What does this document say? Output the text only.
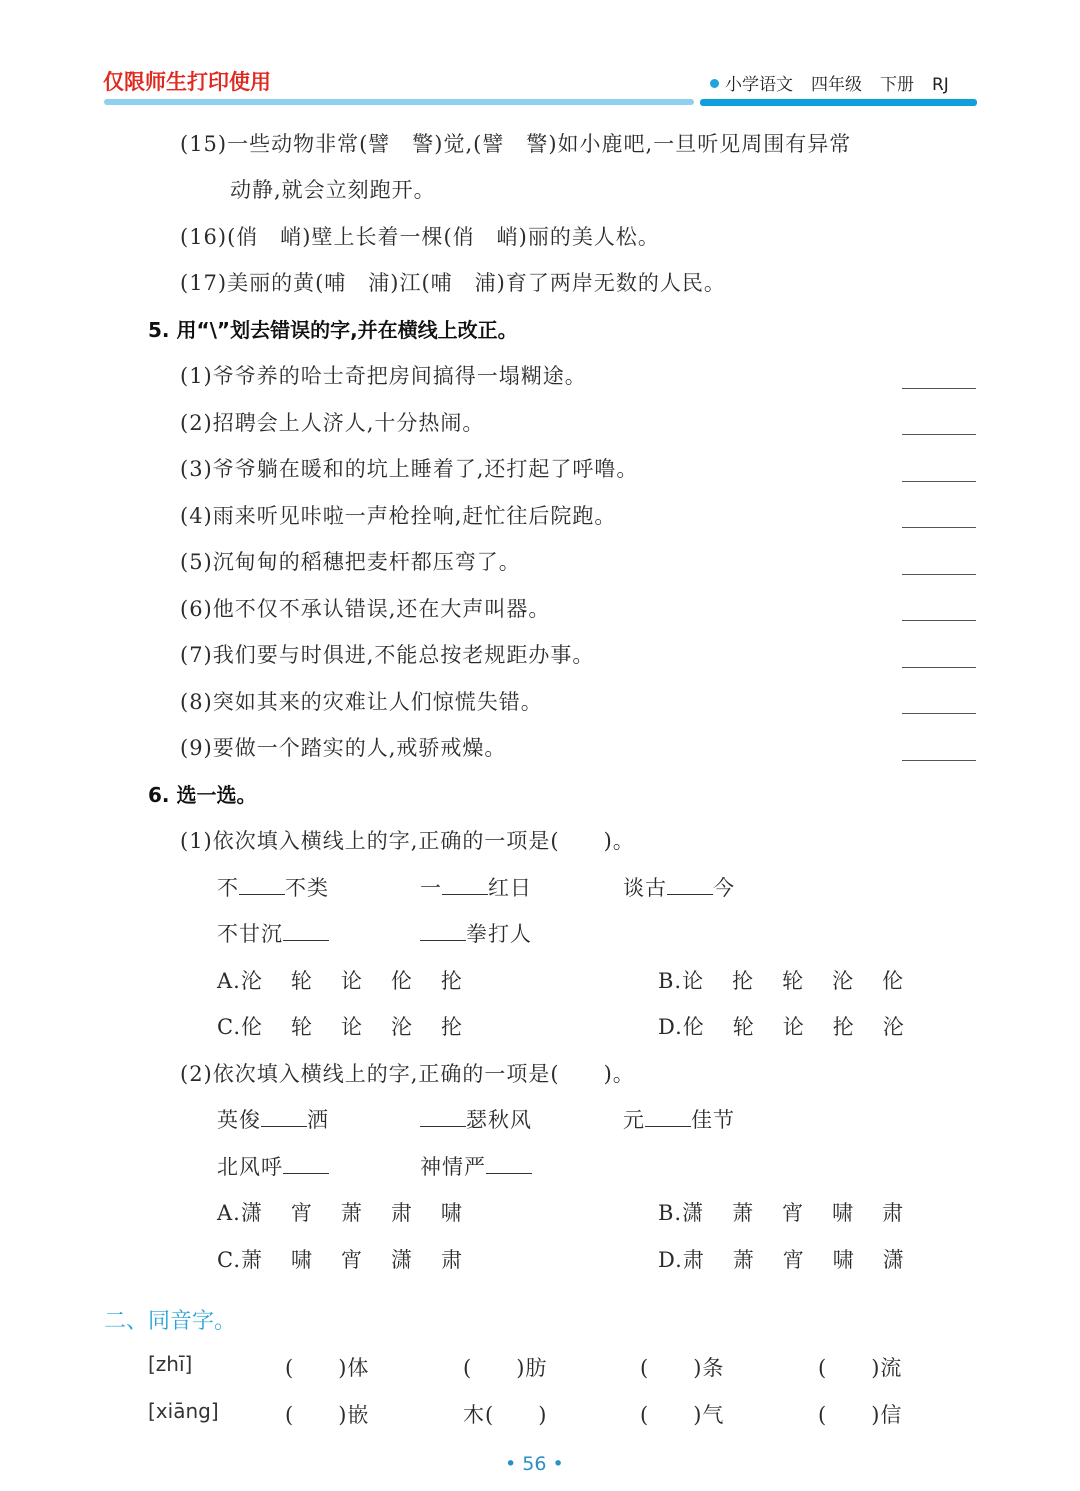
仅限师生打印使用	小学语文 四年级 下册 RJ
(15)一些动物非常(譬　警)觉,(譬　警)如小鹿吧,一旦听见周围有异常
动静,就会立刻跑开。
(16)(俏　峭)壁上长着一棵(俏　峭)丽的美人松。
(17)美丽的黄(哺　浦)江(哺　浦)育了两岸无数的人民。
5. 用“\”划去错误的字,并在横线上改正。
(1)爷爷养的哈士奇把房间搞得一塌糊途。
(2)招聘会上人济人,十分热闹。
(3)爷爷躺在暖和的坑上睡着了,还打起了呼噜。
(4)雨来听见咔啦一声枪拴响,赶忙往后院跑。
(5)沉甸甸的稻穗把麦杆都压弯了。
(6)他不仅不承认错误,还在大声叫器。
(7)我们要与时俱进,不能总按老规距办事。
(8)突如其来的灾难让人们惊慌失错。
(9)要做一个踏实的人,戒骄戒燥。
6. 选一选。
(1)依次填入横线上的字,正确的一项是(　　)。
不 不类	一 红日	谈古 今
不甘沉	拳打人
A.沦 轮 论 伦 抡	B.论 抡 轮 沦 伦
C.伦 轮 论 沦 抡	D.伦 轮 论 抡 沦
(2)依次填入横线上的字,正确的一项是(　　)。
英俊 洒	瑟秋风	元 佳节
北风呼	神情严
A.潇 宵 萧 肃 啸	B.潇 萧 宵 啸 肃
C.萧 啸 宵 潇 肃	D.肃 萧 宵 啸 潇
二、同音字。
[zhī]	(　　)体	(　　)肪	(　　)条	(　　)流
[xiāng]	(　　)嵌	木(　　)	(　　)气	(　　)信
• 56 •
